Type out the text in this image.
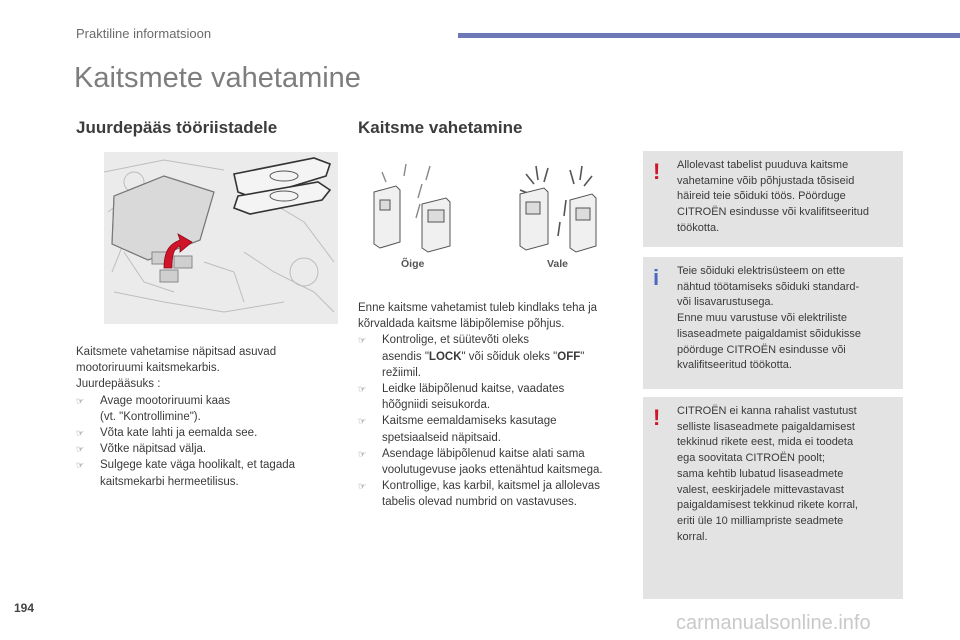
Praktiline informatsioon
Kaitsmete vahetamine
Juurdepääs tööriistadele	Kaitsme vahetamine
Kaitsmete vahetamise näpitsad asuvad
mootoriruumi kaitsmekarbis.
Juurdepääsuks :
☞	Avage mootoriruumi kaas
(vt. "Kontrollimine").
☞	Võta kate lahti ja eemalda see.
☞	Võtke näpitsad välja.
☞	Sulgege kate väga hoolikalt, et tagada
kaitsmekarbi hermeetilisus.
Õige	Vale
Enne kaitsme vahetamist tuleb kindlaks teha ja
kõrvaldada kaitsme läbipõlemise põhjus.
☞	Kontrolige, et süütevõti oleks
asendis "LOCK" või sõiduk oleks "OFF"
režiimil.
☞	Leidke läbipõlenud kaitse, vaadates
hõõgniidi seisukorda.
☞	Kaitsme eemaldamiseks kasutage
spetsiaalseid näpitsaid.
☞	Asendage läbipõlenud kaitse alati sama
voolutugevuse jaoks ettenähtud kaitsmega.
☞	Kontrollige, kas karbil, kaitsmel ja allolevas
tabelis olevad numbrid on vastavuses.
! Allolevast tabelist puuduva kaitsme
vahetamine võib põhjustada tõsiseid
häireid teie sõiduki töös. Pöörduge
CITROËN esindusse või kvalifitseeritud
töökotta.
i Teie sõiduki elektrisüsteem on ette
nähtud töötamiseks sõiduki standard-
või lisavarustusega.
Enne muu varustuse või elektriliste
lisaseadmete paigaldamist sõidukisse
pöörduge CITROËN esindusse või
kvalifitseeritud töökotta.
! CITROËN ei kanna rahalist vastutust
selliste lisaseadmete paigaldamisest
tekkinud rikete eest, mida ei toodeta
ega soovitata CITROËN poolt;
sama kehtib lubatud lisaseadmete
valest, eeskirjadele mittevastavast
paigaldamisest tekkinud rikete korral,
eriti üle 10 milliampriste seadmete
korral.
194
carmanualsonline.info
